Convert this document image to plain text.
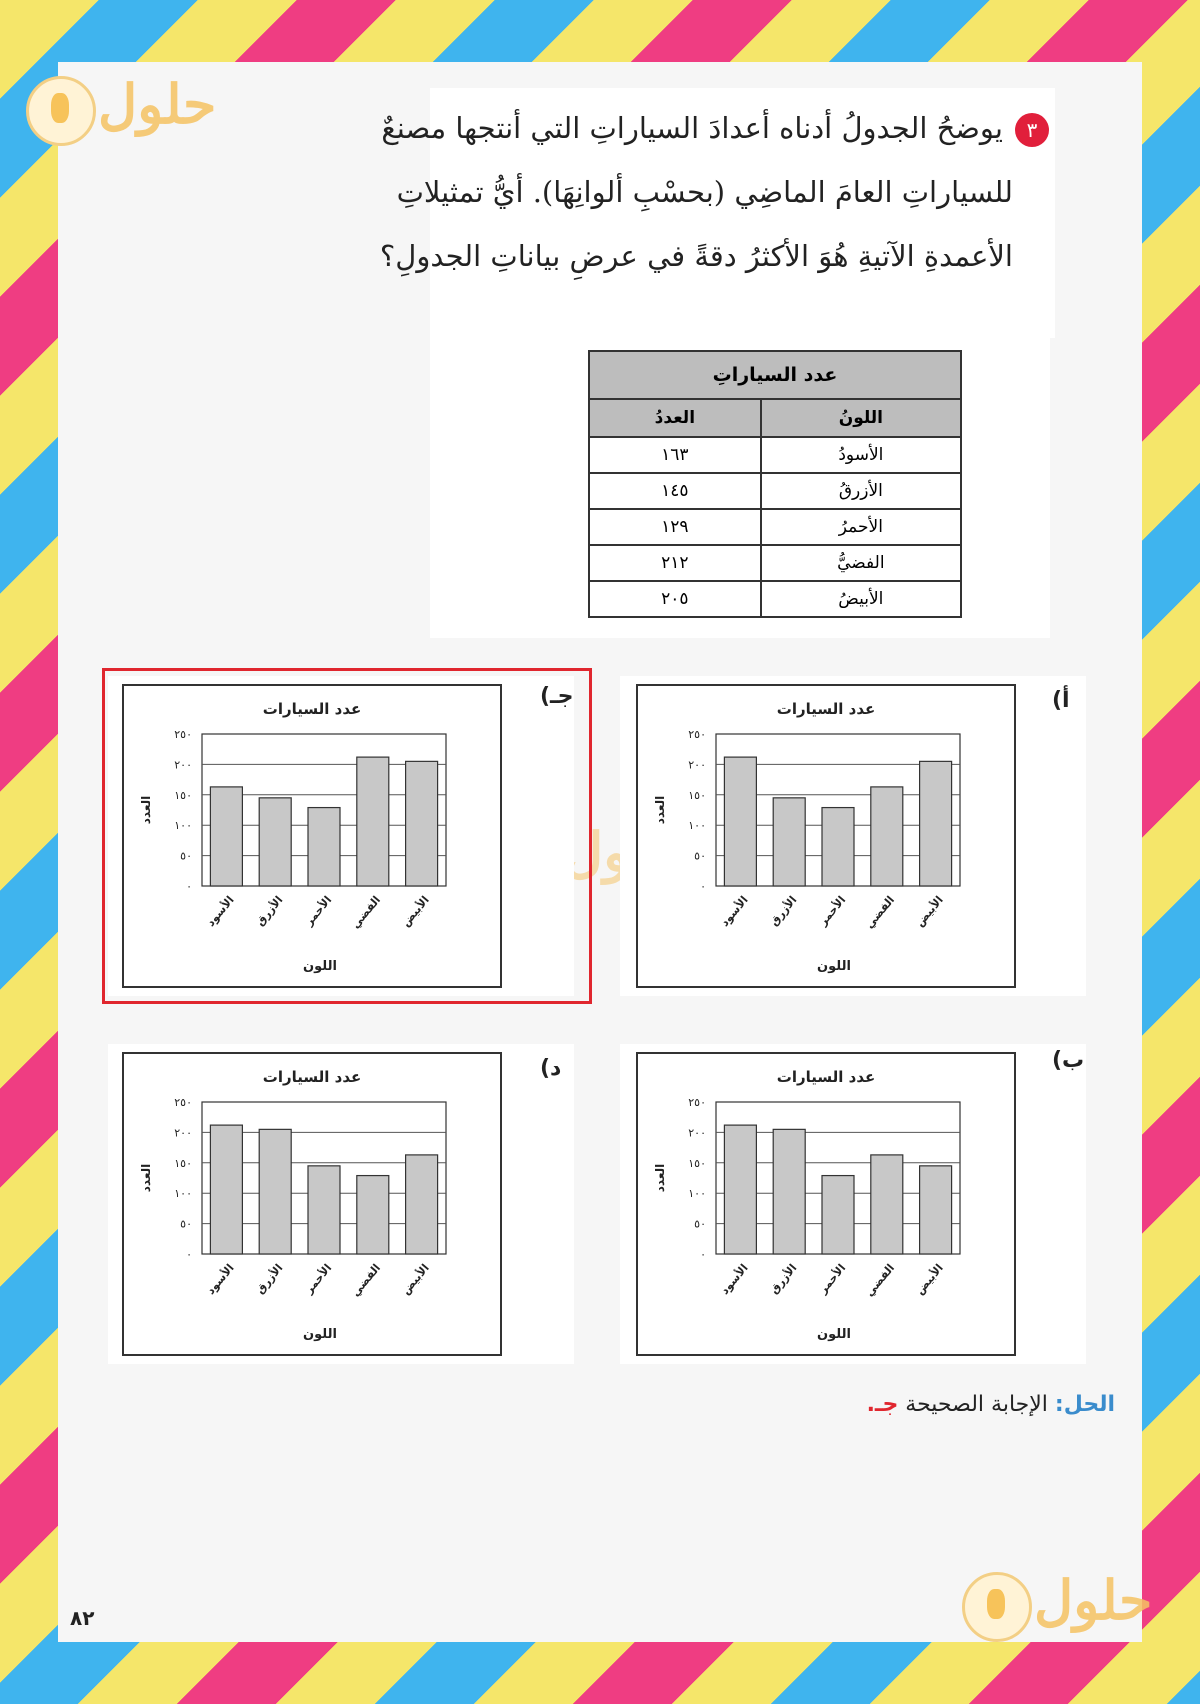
حلول
حلول
٣يوضحُ الجدولُ أدناه أعدادَ السياراتِ التي أنتجها مصنعٌ
للسياراتِ العامَ الماضِي (بحسْبِ ألوانِهَا). أيُّ تمثيلاتِ
الأعمدةِ الآتيةِ هُوَ الأكثرُ دقةً في عرضِ بياناتِ الجدولِ؟
عدد السياراتِ	
اللونُ	العددُ
الأسودُ	١٦٣
الأزرقُ	١٤٥
الأحمرُ	١٢٩
الفضيُّ	٢١٢
الأبيضُ	٢٠٥
عدد السيارات
٠
٥٠
١٠٠
١٥٠
٢٠٠
٢٥٠
العدد
الأسود الأزرق الأحمر الفضي الأبيض
اللون
أ)
عدد السيارات
٠
٥٠
١٠٠
١٥٠
٢٠٠
٢٥٠
العدد
الأسود الأزرق الأحمر الفضي الأبيض
اللون
جـ)
عدد السيارات
٠
٥٠
١٠٠
١٥٠
٢٠٠
٢٥٠
العدد
الأسود الأزرق الأحمر الفضي الأبيض
اللون
ب)
عدد السيارات
٠
٥٠
١٠٠
١٥٠
٢٠٠
٢٥٠
العدد
الأسود الأزرق الأحمر الفضي الأبيض
اللون
د)
الحل: الإجابة الصحيحة جـ.
٨٢
